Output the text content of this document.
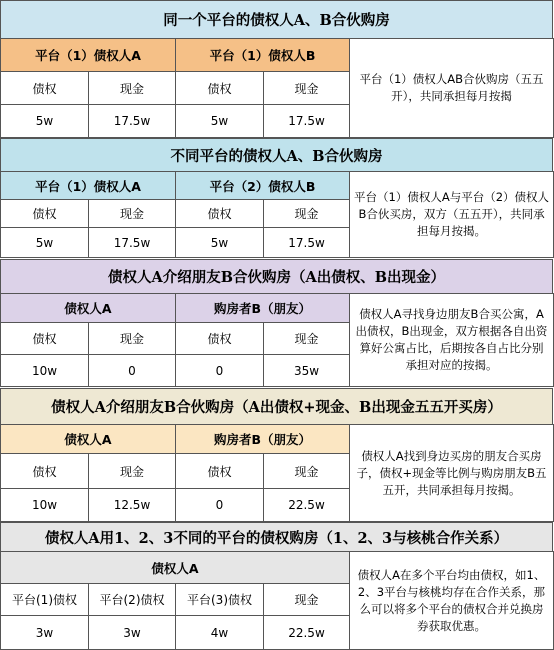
同一个平台的债权人A、B合伙购房
平台（1）债权人A		平台（1）债权人B		平台（1）债权人AB合伙购房（五五开），共同承担每月按揭
债权	现金	债权	现金	
5w	17.5w	5w	17.5w	
不同平台的债权人A、B合伙购房
平台（1）债权人A		平台（2）债权人B		平台（1）债权人A与平台（2）债权人B合伙买房，双方（五五开），共同承担每月按揭。
债权	现金	债权	现金	
5w	17.5w	5w	17.5w	
债权人A介绍朋友B合伙购房（A出债权、B出现金）
债权人A		购房者B（朋友）		债权人A寻找身边朋友B合买公寓，A出债权，B出现金，双方根据各自出资算好公寓占比，后期按各自占比分别承担对应的按揭。
债权	现金	债权	现金	
10w	0	0	35w	
债权人A介绍朋友B合伙购房（A出债权+现金、B出现金五五开买房）
债权人A		购房者B（朋友）		债权人A找到身边买房的朋友合买房子，债权+现金等比例与购房朋友B五五开，共同承担每月按揭。
债权	现金	债权	现金	
10w	12.5w	0	22.5w	
债权人A用1、2、3不同的平台的债权购房（1、2、3与核桃合作关系）
债权人A				债权人A在多个平台均由债权，如1、2、3平台与核桃均存在合作关系，那么可以将多个平台的债权合并兑换房券获取优惠。
平台(1)债权	平台(2)债权	平台(3)债权	现金	
3w	3w	4w	22.5w	
